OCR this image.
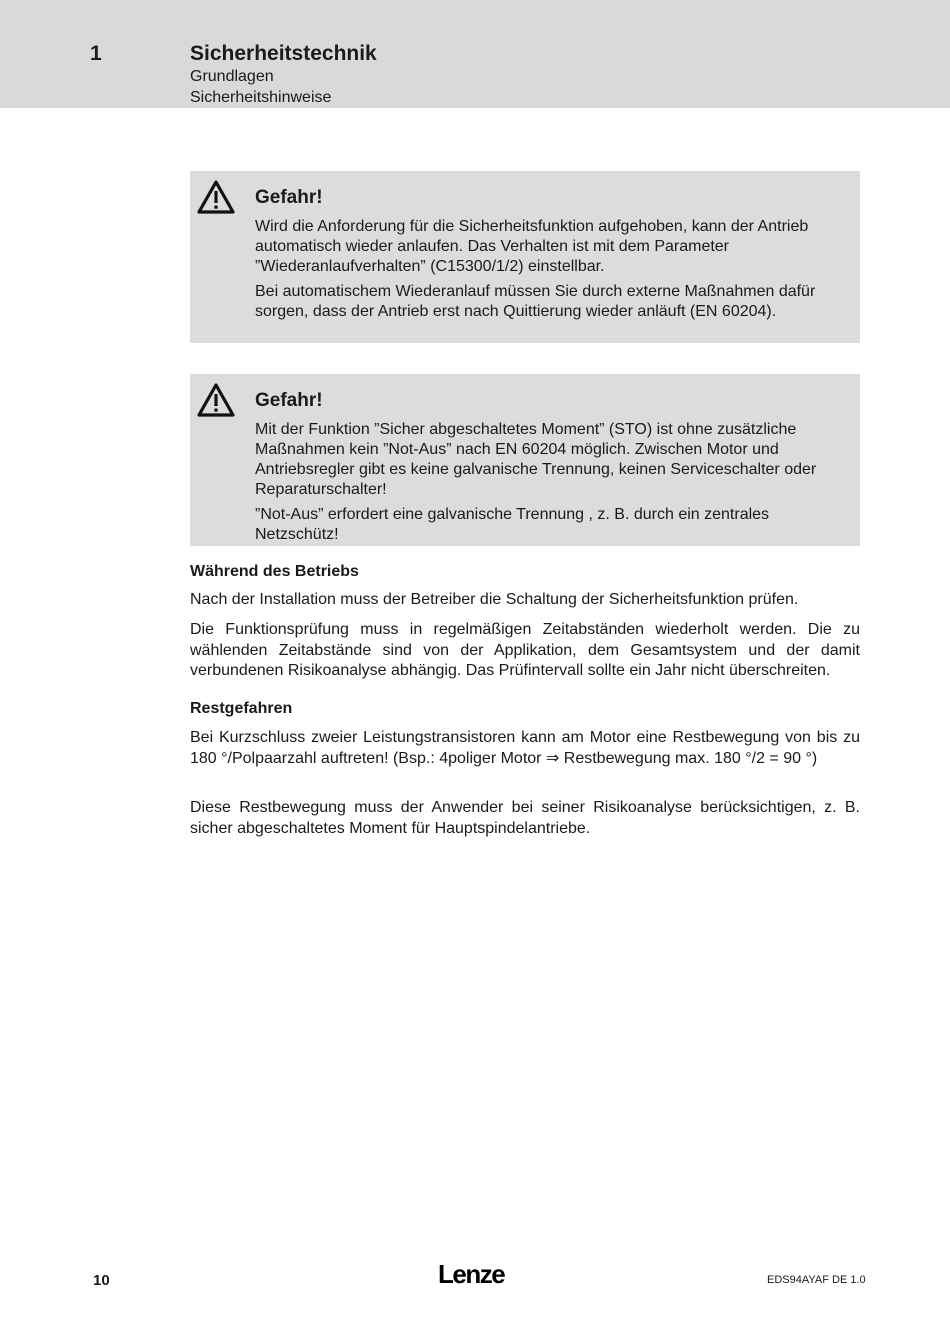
1	Sicherheitstechnik
Grundlagen
Sicherheitshinweise
Gefahr!

Wird die Anforderung für die Sicherheitsfunktion aufgehoben, kann der Antrieb automatisch wieder anlaufen. Das Verhalten ist mit dem Parameter ”Wiederanlaufverhalten” (C15300/1/2) einstellbar.

Bei automatischem Wiederanlauf müssen Sie durch externe Maßnahmen dafür sorgen, dass der Antrieb erst nach Quittierung wieder anläuft (EN 60204).

Gefahr!

Mit der Funktion ”Sicher abgeschaltetes Moment” (STO) ist ohne zusätzliche Maßnahmen kein ”Not-Aus” nach EN 60204 möglich. Zwischen Motor und Antriebsregler gibt es keine galvanische Trennung, keinen Serviceschalter oder Reparaturschalter!

”Not-Aus” erfordert eine galvanische Trennung , z. B. durch ein zentrales Netzschütz!

Während des Betriebs
Nach der Installation muss der Betreiber die Schaltung der Sicherheitsfunktion prüfen.
Die Funktionsprüfung muss in regelmäßigen Zeitabständen wiederholt werden. Die zu wählenden Zeitabstände sind von der Applikation, dem Gesamtsystem und der damit verbundenen Risikoanalyse abhängig. Das Prüfintervall sollte ein Jahr nicht überschreiten.
Restgefahren
Bei Kurzschluss zweier Leistungstransistoren kann am Motor eine Restbewegung von bis zu 180 °/Polpaarzahl auftreten! (Bsp.: 4poliger Motor ⇒ Restbewegung max. 180 °/2 = 90 °)
Diese Restbewegung muss der Anwender bei seiner Risikoanalyse berücksichtigen, z. B. sicher abgeschaltetes Moment für Hauptspindelantriebe.
10	Lenze	EDS94AYAF DE 1.0
